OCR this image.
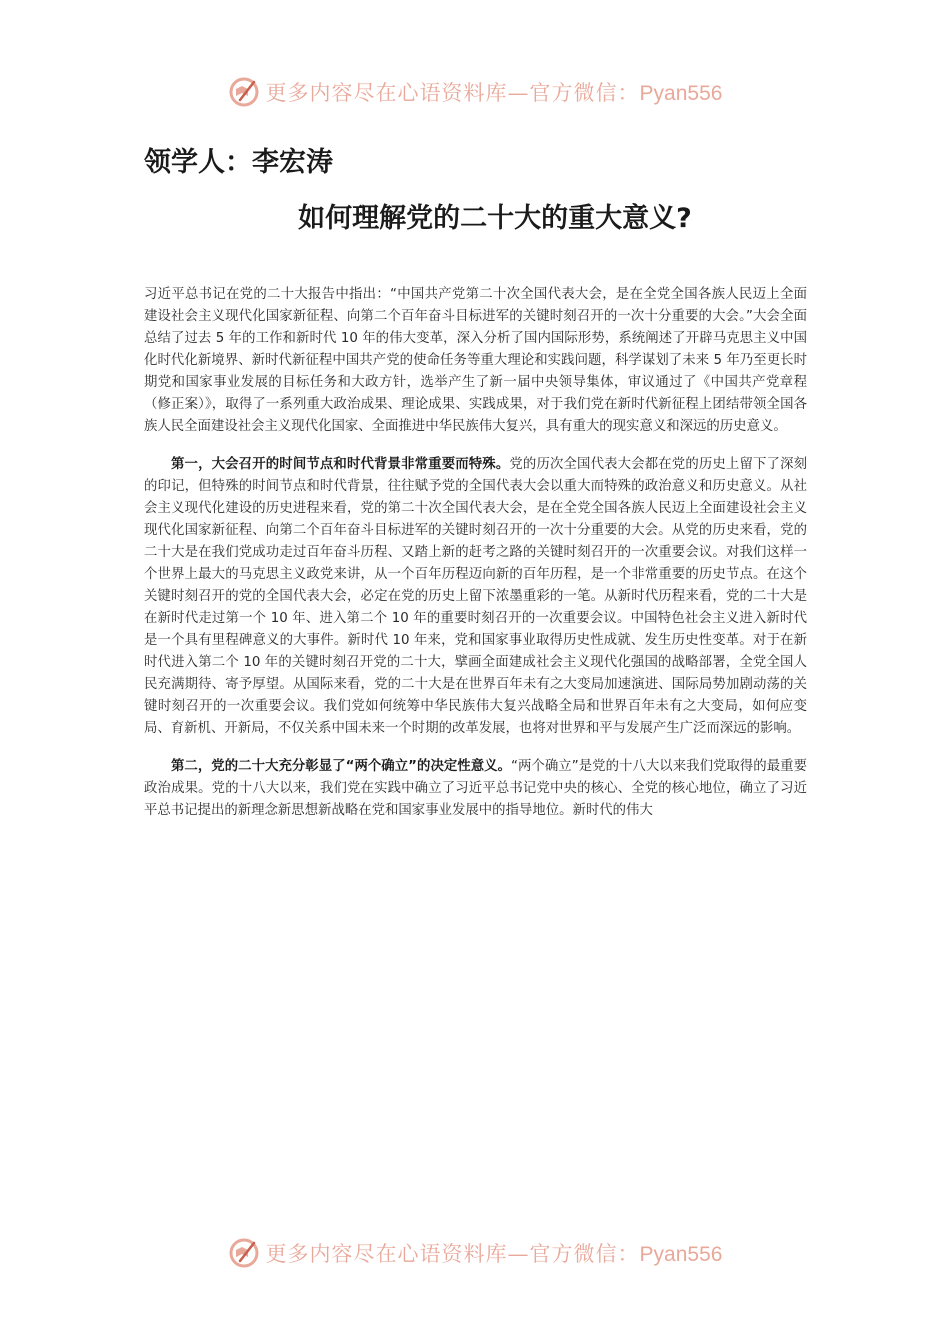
更多内容尽在心语资料库—官方微信：Pyan556
领学人：李宏涛
如何理解党的二十大的重大意义?

习近平总书记在党的二十大报告中指出：“中国共产党第二十次全国代表大会，是在全党全国各族人民迈上全面建设社会主义现代化国家新征程、向第二个百年奋斗目标进军的关键时刻召开的一次十分重要的大会。”大会全面总结了过去 5 年的工作和新时代 10 年的伟大变革，深入分析了国内国际形势，系统阐述了开辟马克思主义中国化时代化新境界、新时代新征程中国共产党的使命任务等重大理论和实践问题，科学谋划了未来 5 年乃至更长时期党和国家事业发展的目标任务和大政方针，选举产生了新一届中央领导集体，审议通过了《中国共产党章程（修正案）》，取得了一系列重大政治成果、理论成果、实践成果，对于我们党在新时代新征程上团结带领全国各族人民全面建设社会主义现代化国家、全面推进中华民族伟大复兴，具有重大的现实意义和深远的历史意义。

第一，大会召开的时间节点和时代背景非常重要而特殊。党的历次全国代表大会都在党的历史上留下了深刻的印记，但特殊的时间节点和时代背景，往往赋予党的全国代表大会以重大而特殊的政治意义和历史意义。从社会主义现代化建设的历史进程来看，党的第二十次全国代表大会，是在全党全国各族人民迈上全面建设社会主义现代化国家新征程、向第二个百年奋斗目标进军的关键时刻召开的一次十分重要的大会。从党的历史来看，党的二十大是在我们党成功走过百年奋斗历程、又踏上新的赶考之路的关键时刻召开的一次重要会议。对我们这样一个世界上最大的马克思主义政党来讲，从一个百年历程迈向新的百年历程，是一个非常重要的历史节点。在这个关键时刻召开的党的全国代表大会，必定在党的历史上留下浓墨重彩的一笔。从新时代历程来看，党的二十大是在新时代走过第一个 10 年、进入第二个 10 年的重要时刻召开的一次重要会议。中国特色社会主义进入新时代是一个具有里程碑意义的大事件。新时代 10 年来，党和国家事业取得历史性成就、发生历史性变革。对于在新时代进入第二个 10 年的关键时刻召开党的二十大，擘画全面建成社会主义现代化强国的战略部署，全党全国人民充满期待、寄予厚望。从国际来看，党的二十大是在世界百年未有之大变局加速演进、国际局势加剧动荡的关键时刻召开的一次重要会议。我们党如何统筹中华民族伟大复兴战略全局和世界百年未有之大变局，如何应变局、育新机、开新局，不仅关系中国未来一个时期的改革发展，也将对世界和平与发展产生广泛而深远的影响。

第二，党的二十大充分彰显了“两个确立”的决定性意义。“两个确立”是党的十八大以来我们党取得的最重要政治成果。党的十八大以来，我们党在实践中确立了习近平总书记党中央的核心、全党的核心地位，确立了习近平总书记提出的新理念新思想新战略在党和国家事业发展中的指导地位。新时代的伟大

更多内容尽在心语资料库—官方微信：Pyan556
